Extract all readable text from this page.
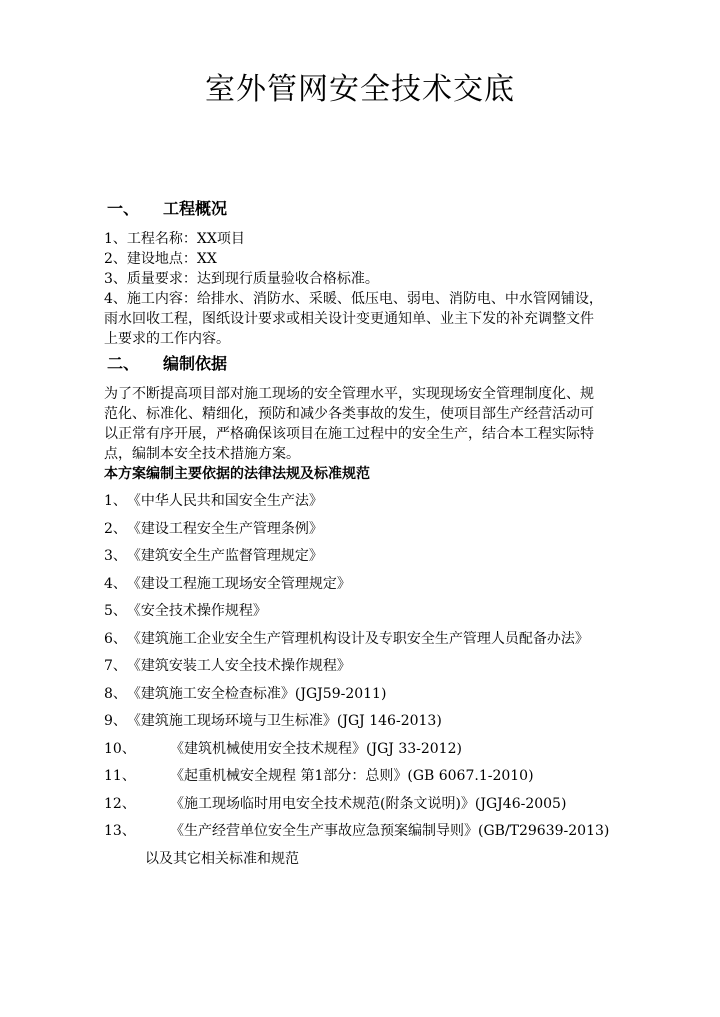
室外管网安全技术交底
一、 工程概况
1、工程名称：XX项目
2、建设地点：XX
3、质量要求：达到现行质量验收合格标准。
4、施工内容：给排水、消防水、采暖、低压电、弱电、消防电、中水管网铺设，
雨水回收工程，图纸设计要求或相关设计变更通知单、业主下发的补充调整文件
上要求的工作内容。
二、 编制依据
为了不断提高项目部对施工现场的安全管理水平，实现现场安全管理制度化、规
范化、标准化、精细化，预防和减少各类事故的发生，使项目部生产经营活动可
以正常有序开展，严格确保该项目在施工过程中的安全生产，结合本工程实际特
点，编制本安全技术措施方案。
本方案编制主要依据的法律法规及标准规范
1、《中华人民共和国安全生产法》
2、《建设工程安全生产管理条例》
3、《建筑安全生产监督管理规定》
4、《建设工程施工现场安全管理规定》
5、《安全技术操作规程》
6、《建筑施工企业安全生产管理机构设计及专职安全生产管理人员配备办法》
7、《建筑安装工人安全技术操作规程》
8、《建筑施工安全检查标准》(JGJ59-2011)
9、《建筑施工现场环境与卫生标准》(JGJ 146-2013)
10、 《建筑机械使用安全技术规程》(JGJ 33-2012)
11、 《起重机械安全规程 第1部分：总则》(GB 6067.1-2010)
12、 《施工现场临时用电安全技术规范(附条文说明)》(JGJ46-2005)
13、 《生产经营单位安全生产事故应急预案编制导则》(GB/T29639-2013)
以及其它相关标准和规范
